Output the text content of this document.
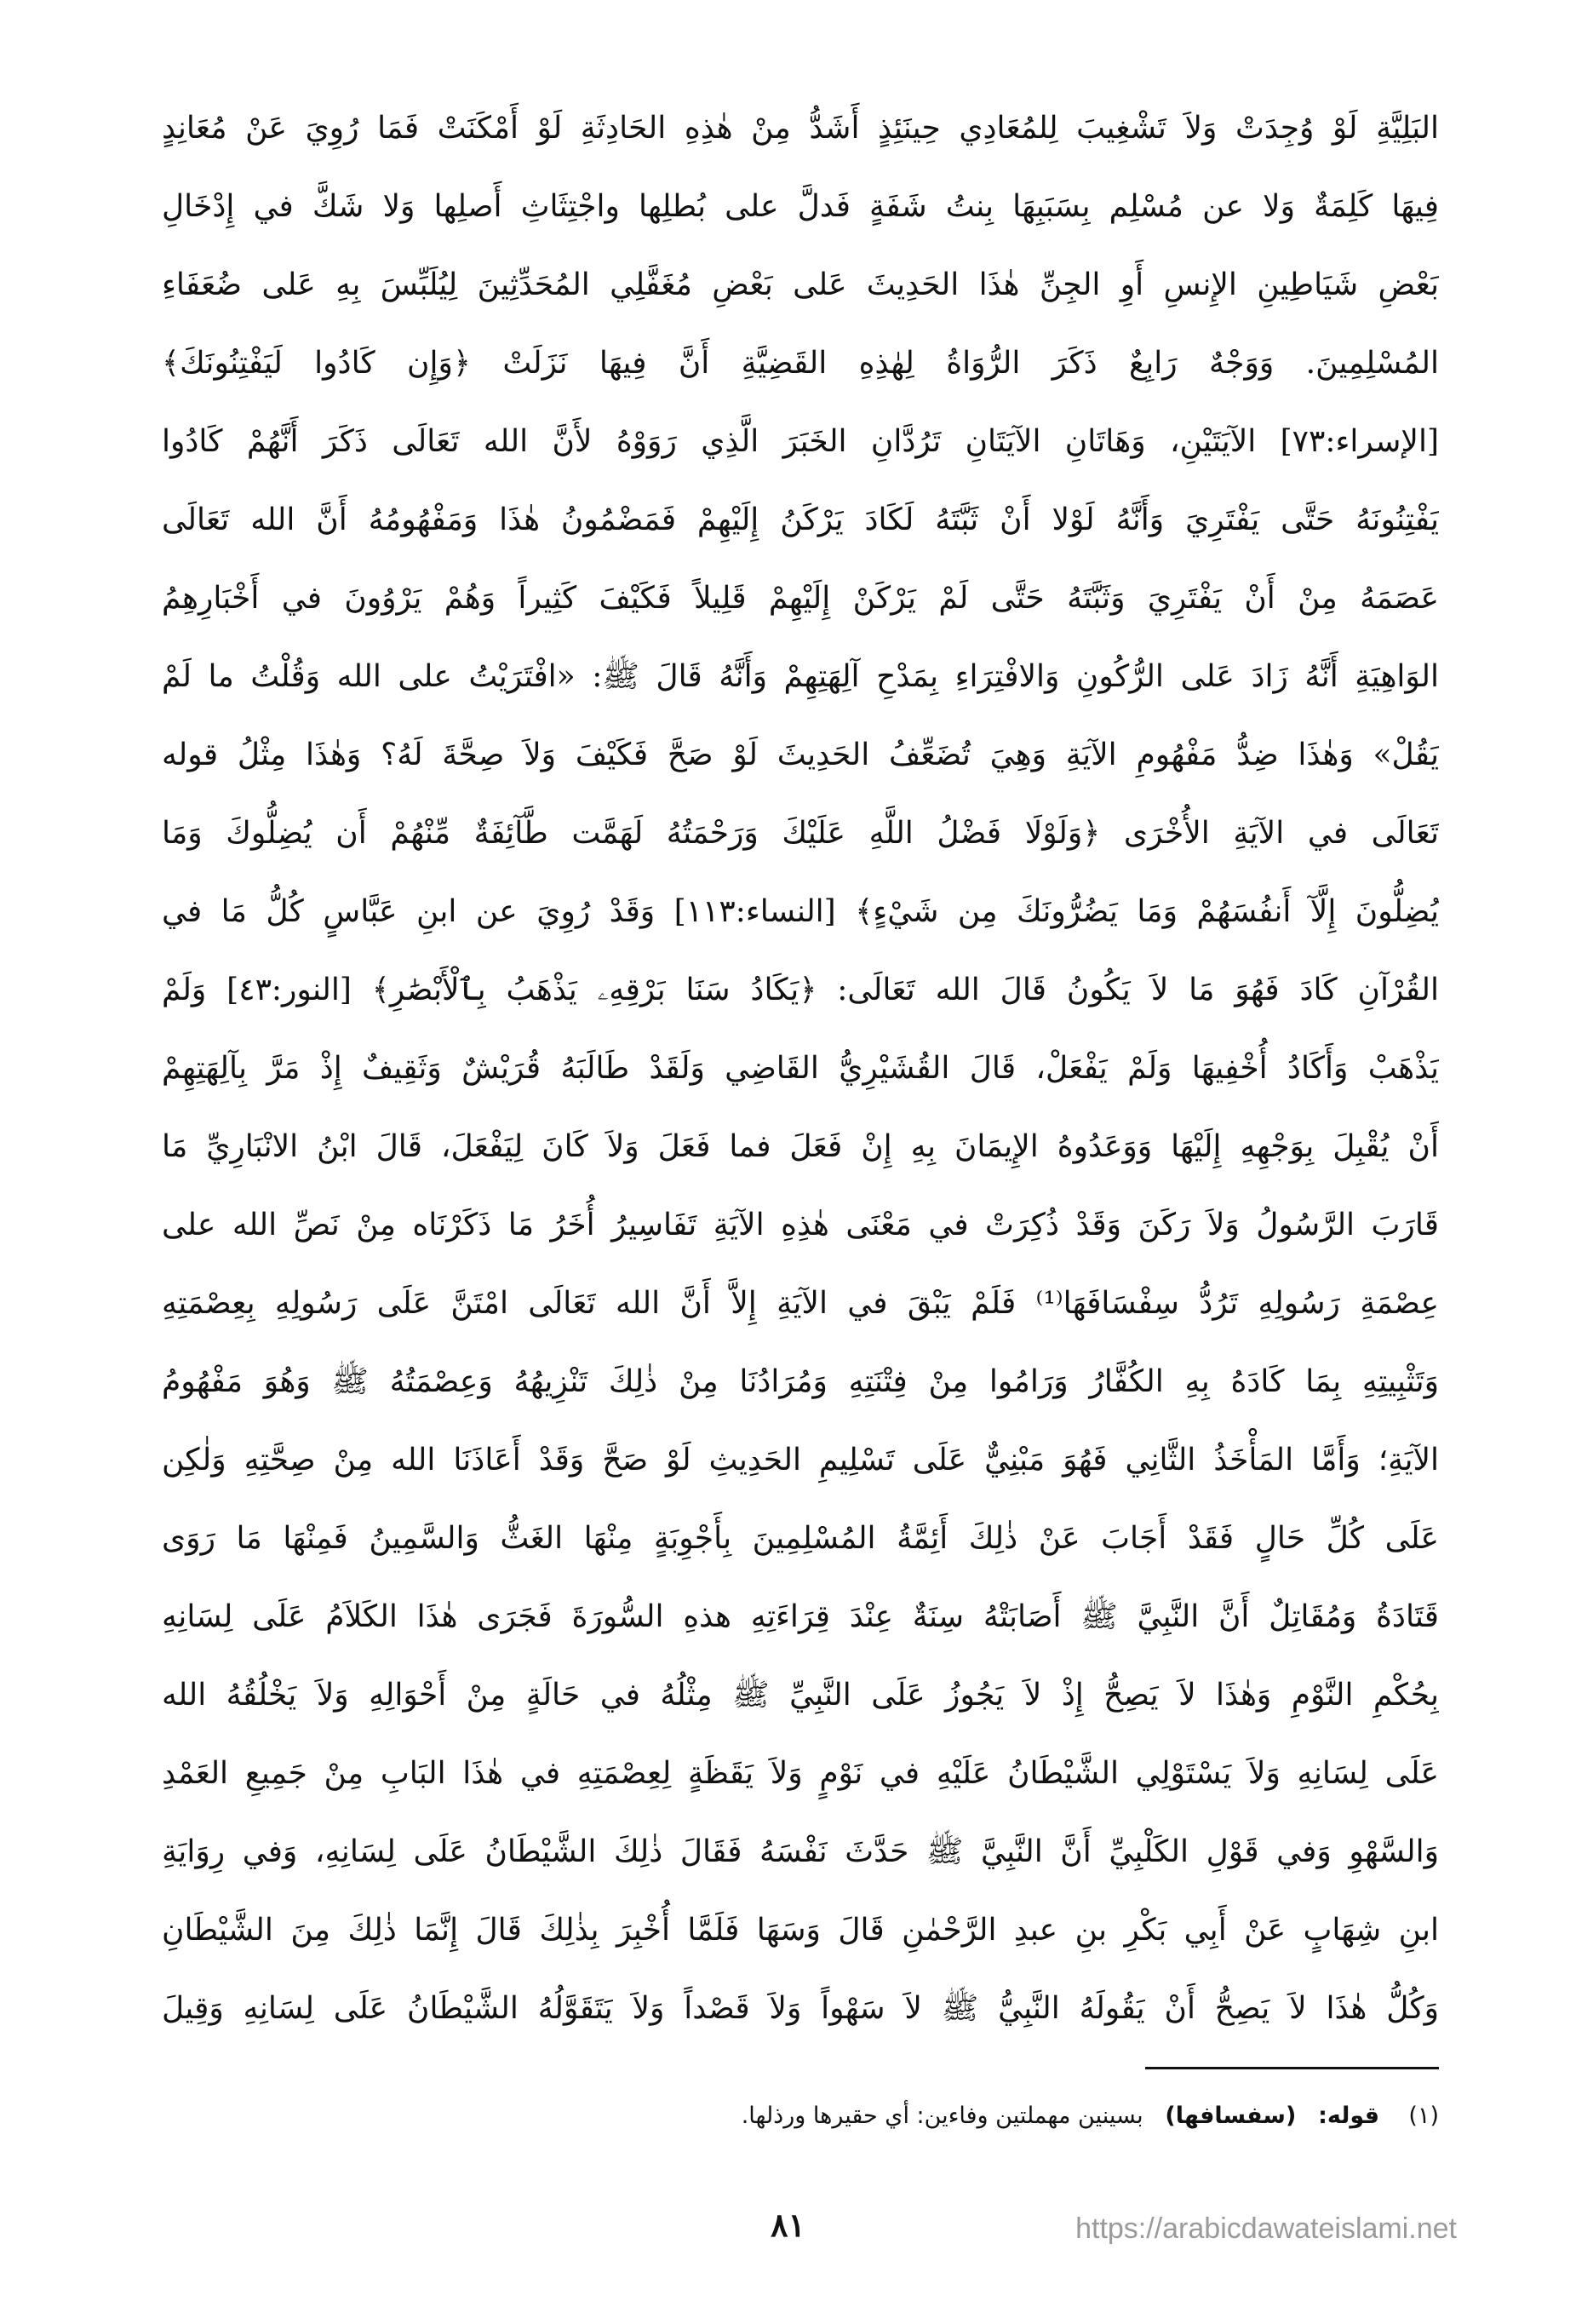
البَلِيَّةِ لَوْ وُجِدَتْ وَلاَ تَشْغِيبَ لِلمُعَادِي حِينَئِذٍ أَشَدُّ مِنْ هٰذِهِ الحَادِثَةِ لَوْ أَمْكَنَتْ فَمَا رُوِيَ عَنْ مُعَانِدٍ
فِيهَا كَلِمَةٌ وَلا عن مُسْلِم بِسَبَبِهَا بِنتُ شَفَةٍ فَدلَّ على بُطلِها واجْتِثَاثِ أَصلِها وَلا شَكَّ في إِدْخَالِ
بَعْضِ شَيَاطِينِ الإِنسِ أَوِ الجِنِّ هٰذَا الحَدِيثَ عَلى بَعْضِ مُغَفَّلِي المُحَدِّثِينَ لِيُلَبِّسَ بِهِ عَلى ضُعَفَاءِ
المُسْلِمِينَ. وَوَجْهٌ رَابِعٌ ذَكَرَ الرُّوَاةُ لِهٰذِهِ القَضِيَّةِ أَنَّ فِيهَا نَزَلَتْ ﴿وَإِن كَادُوا لَيَفْتِنُونَكَ﴾
[الإسراء:٧٣] الآيَتَيْنِ، وَهَاتَانِ الآيَتَانِ تَرُدَّانِ الخَبَرَ الَّذِي رَوَوْهُ لأَنَّ الله تَعَالَى ذَكَرَ أَنَّهُمْ كَادُوا
يَفْتِنُونَهُ حَتَّى يَفْتَرِيَ وَأَنَّهُ لَوْلا أَنْ ثَبَّتَهُ لَكَادَ يَرْكَنُ إِلَيْهِمْ فَمَضْمُونُ هٰذَا وَمَفْهُومُهُ أَنَّ الله تَعَالَى
عَصَمَهُ مِنْ أَنْ يَفْتَرِيَ وَثَبَّتَهُ حَتَّى لَمْ يَرْكَنْ إِلَيْهِمْ قَلِيلاً فَكَيْفَ كَثِيراً وَهُمْ يَرْوُونَ في أَخْبَارِهِمُ
الوَاهِيَةِ أَنَّهُ زَادَ عَلى الرُّكُونِ وَالافْتِرَاءِ بِمَدْحِ آلِهَتِهِمْ وَأَنَّهُ قَالَ ﷺ: «افْتَرَيْتُ على الله وَقُلْتُ ما لَمْ
يَقُلْ» وَهٰذَا ضِدُّ مَفْهُومِ الآيَةِ وَهِيَ تُضَعِّفُ الحَدِيثَ لَوْ صَحَّ فَكَيْفَ وَلاَ صِحَّةَ لَهُ؟ وَهٰذَا مِثْلُ قوله
تَعَالَى في الآيَةِ الأُخْرَى ﴿وَلَوْلَا فَضْلُ اللَّهِ عَلَيْكَ وَرَحْمَتُهُ لَهَمَّت طَّآئِفَةٌ مِّنْهُمْ أَن يُضِلُّوكَ وَمَا
يُضِلُّونَ إِلَّآ أَنفُسَهُمْ وَمَا يَضُرُّونَكَ مِن شَيْءٍ﴾ [النساء:١١٣] وَقَدْ رُوِيَ عن ابنِ عَبَّاسٍ كُلُّ مَا في
القُرْآنِ كَادَ فَهُوَ مَا لاَ يَكُونُ قَالَ الله تَعَالَى: ﴿يَكَادُ سَنَا بَرْقِهِۦ يَذْهَبُ بِٱلْأَبْصَٰرِ﴾ [النور:٤٣] وَلَمْ
يَذْهَبْ وَأَكَادُ أُخْفِيهَا وَلَمْ يَفْعَلْ، قَالَ القُشَيْرِيُّ القَاضِي وَلَقَدْ طَالَبَهُ قُرَيْشٌ وَثَقِيفٌ إِذْ مَرَّ بِآلِهَتِهِمْ
أَنْ يُقْبِلَ بِوَجْهِهِ إِلَيْهَا وَوَعَدُوهُ الإِيمَانَ بِهِ إِنْ فَعَلَ فما فَعَلَ وَلاَ كَانَ لِيَفْعَلَ، قَالَ ابْنُ الانْبَارِيِّ مَا
قَارَبَ الرَّسُولُ وَلاَ رَكَنَ وَقَدْ ذُكِرَتْ في مَعْنَى هٰذِهِ الآيَةِ تَفَاسِيرُ أُخَرُ مَا ذَكَرْنَاه مِنْ نَصِّ الله على
عِصْمَةِ رَسُولِهِ تَرُدُّ سِفْسَافَهَا⁽¹⁾ فَلَمْ يَبْقَ في الآيَةِ إِلاَّ أَنَّ الله تَعَالَى امْتَنَّ عَلَى رَسُولِهِ بِعِصْمَتِهِ
وَتَثْبِيتِهِ بِمَا كَادَهُ بِهِ الكُفَّارُ وَرَامُوا مِنْ فِتْنَتِهِ وَمُرَادُنَا مِنْ ذٰلِكَ تَنْزِيهُهُ وَعِصْمَتُهُ ﷺ وَهُوَ مَفْهُومُ
الآيَةِ؛ وَأَمَّا المَأْخَذُ الثَّانِي فَهُوَ مَبْنِيٌّ عَلَى تَسْلِيمِ الحَدِيثِ لَوْ صَحَّ وَقَدْ أَعَاذَنَا الله مِنْ صِحَّتِهِ وَلٰكِن
عَلَى كُلِّ حَالٍ فَقَدْ أَجَابَ عَنْ ذٰلِكَ أَئِمَّةُ المُسْلِمِينَ بِأَجْوِبَةٍ مِنْهَا الغَثُّ وَالسَّمِينُ فَمِنْهَا مَا رَوَى
قَتَادَةُ وَمُقَاتِلٌ أَنَّ النَّبِيَّ ﷺ أَصَابَتْهُ سِنَةٌ عِنْدَ قِرَاءَتِهِ هذهِ السُّورَةَ فَجَرَى هٰذَا الكَلاَمُ عَلَى لِسَانِهِ
بِحُكْمِ النَّوْمِ وَهٰذَا لاَ يَصِحُّ إِذْ لاَ يَجُوزُ عَلَى النَّبِيِّ ﷺ مِثْلُهُ في حَالَةٍ مِنْ أَحْوَالِهِ وَلاَ يَخْلُقُهُ الله
عَلَى لِسَانِهِ وَلاَ يَسْتَوْلِي الشَّيْطَانُ عَلَيْهِ في نَوْمٍ وَلاَ يَقَظَةٍ لِعِصْمَتِهِ في هٰذَا البَابِ مِنْ جَمِيعِ العَمْدِ
وَالسَّهْوِ وَفي قَوْلِ الكَلْبِيِّ أَنَّ النَّبِيَّ ﷺ حَدَّثَ نَفْسَهُ فَقَالَ ذٰلِكَ الشَّيْطَانُ عَلَى لِسَانِهِ، وَفي رِوَايَةِ
ابنِ شِهَابٍ عَنْ أَبِي بَكْرِ بنِ عبدِ الرَّحْمٰنِ قَالَ وَسَهَا فَلَمَّا أُخْبِرَ بِذٰلِكَ قَالَ إِنَّمَا ذٰلِكَ مِنَ الشَّيْطَانِ
وَكُلُّ هٰذَا لاَ يَصِحُّ أَنْ يَقُولَهُ النَّبِيُّ ﷺ لاَ سَهْواً وَلاَ قَصْداً وَلاَ يَتَقَوَّلُهُ الشَّيْطَانُ عَلَى لِسَانِهِ وَقِيلَ
(١)    قوله:   (سفسافها)   بسينين مهملتين وفاءين: أي حقيرها ورذلها.
٨١	https://arabicdawateislami.net
